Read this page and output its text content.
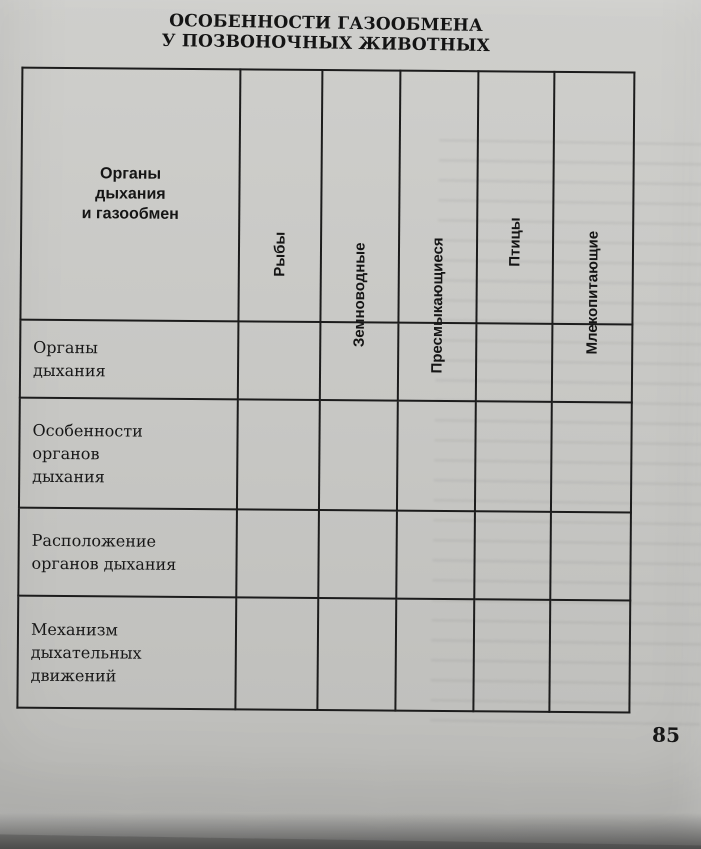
ОСОБЕННОСТИ ГАЗООБМЕНА
У ПОЗВОНОЧНЫХ ЖИВОТНЫХ
Органы
дыхания
и газообмен	Рыбы	Земноводные	Пресмыкающиеся	Птицы	Млекопитающие

Органы
дыхания					

Особенности
органов
дыхания					

Расположение
органов дыхания					

Механизм
дыхательных
движений					

85
